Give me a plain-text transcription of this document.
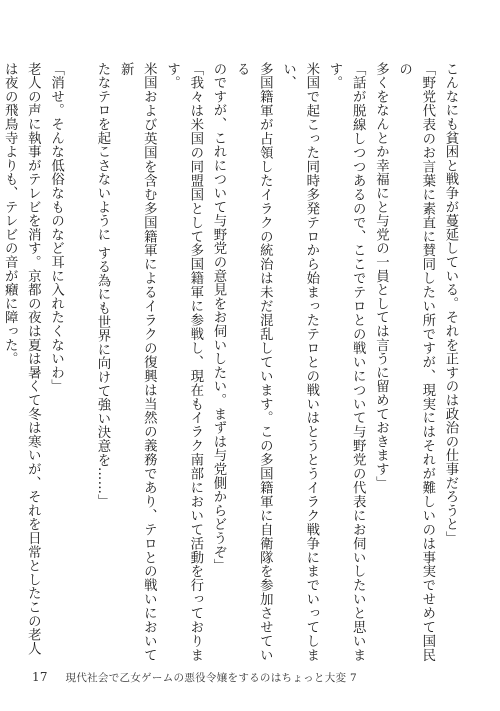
こんなにも貧困と戦争が蔓延している。それを正すのは政治の仕事だろうと」

「野党代表のお言葉に素直に賛同したい所ですが、現実にはそれが難しいのは事実でせめて国民の

多くをなんとか幸福にと与党の一員としては言うに留めておきます」

「話が脱線しつつあるので、ここでテロとの戦いについて与野党の代表にお伺いしたいと思います。

米国で起こった同時多発テロから始まったテロとの戦いはとうとうイラク戦争にまでいってしまい、

多国籍軍が占領したイラクの統治は未だ混乱しています。この多国籍軍に自衛隊を参加させている

のですが、これについて与野党の意見をお伺いしたい。まずは与党側からどうぞ」

「我々は米国の同盟国として多国籍軍に参戦し、現在もイラク南部において活動を行っております。

米国および英国を含む多国籍軍によるイラクの復興は当然の義務であり、テロとの戦いにおいて新

たなテロを起こさないように する為にも世界に向けて強い決意を……」

「消せ。そんな低俗なものなど耳に入れたくないわ」

老人の声に執事がテレビを消す。京都の夜は夏は暑くて冬は寒いが、それを日常としたこの老人

は夜の飛鳥寺よりも、テレビの音が癪に障った。

17 現代社会で乙女ゲームの悪役令嬢をするのはちょっと大変 7
